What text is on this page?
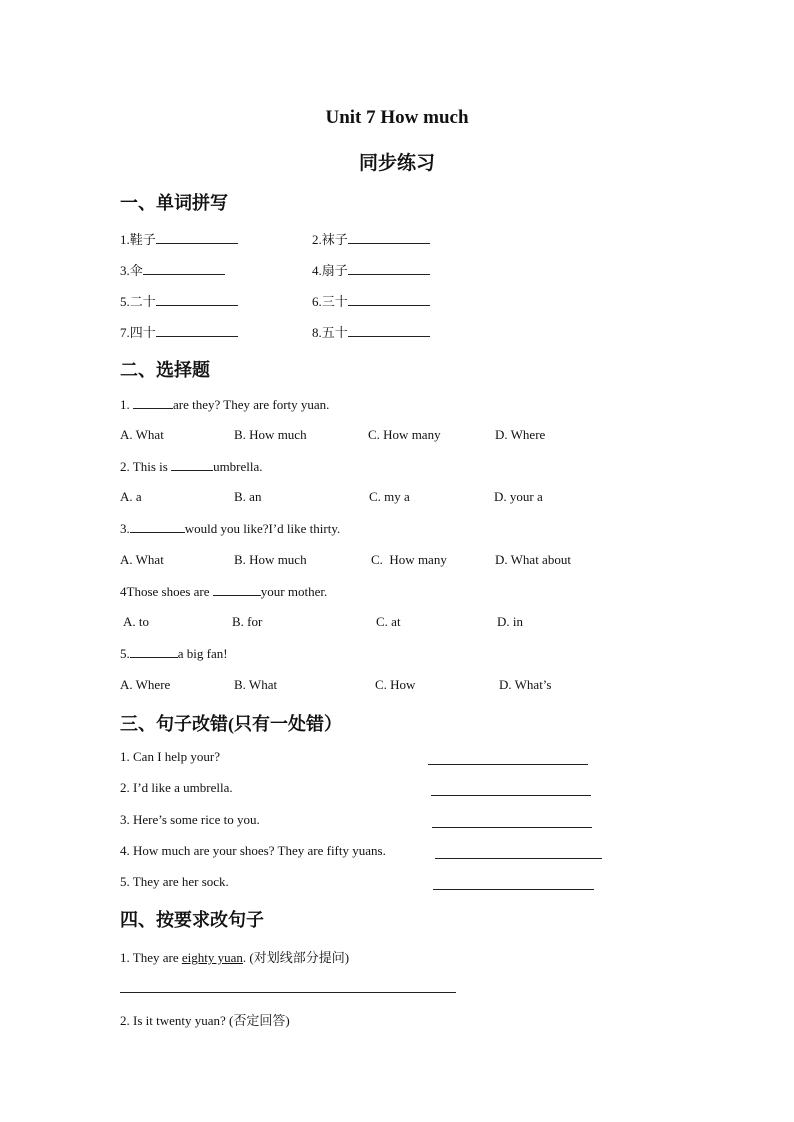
Unit 7 How much
同步练习
一、单词拼写
1.鞋子	2.袜子
3.伞	4.扇子
5.二十	6.三十
7.四十	8.五十
二、选择题
1.	are they? They are forty yuan.
A. What	B. How much	C. How many	D. Where
2. This is	umbrella.
A. a	B. an	C. my a	D. your a
3.	would you like?I’d like thirty.
A. What	B. How much	C.  How many	D. What about
4Those shoes are	your mother.
A. to	B. for	C. at	D. in
5.	a big fan!
A. Where	B. What	C. How	D. What’s
三、句子改错(只有一处错）
1. Can I help your?
2. I’d like a umbrella.
3. Here’s some rice to you.
4. How much are your shoes? They are fifty yuans.
5. They are her sock.
四、按要求改句子
1. They are eighty yuan. (对划线部分提问)
2. Is it twenty yuan? (否定回答)
